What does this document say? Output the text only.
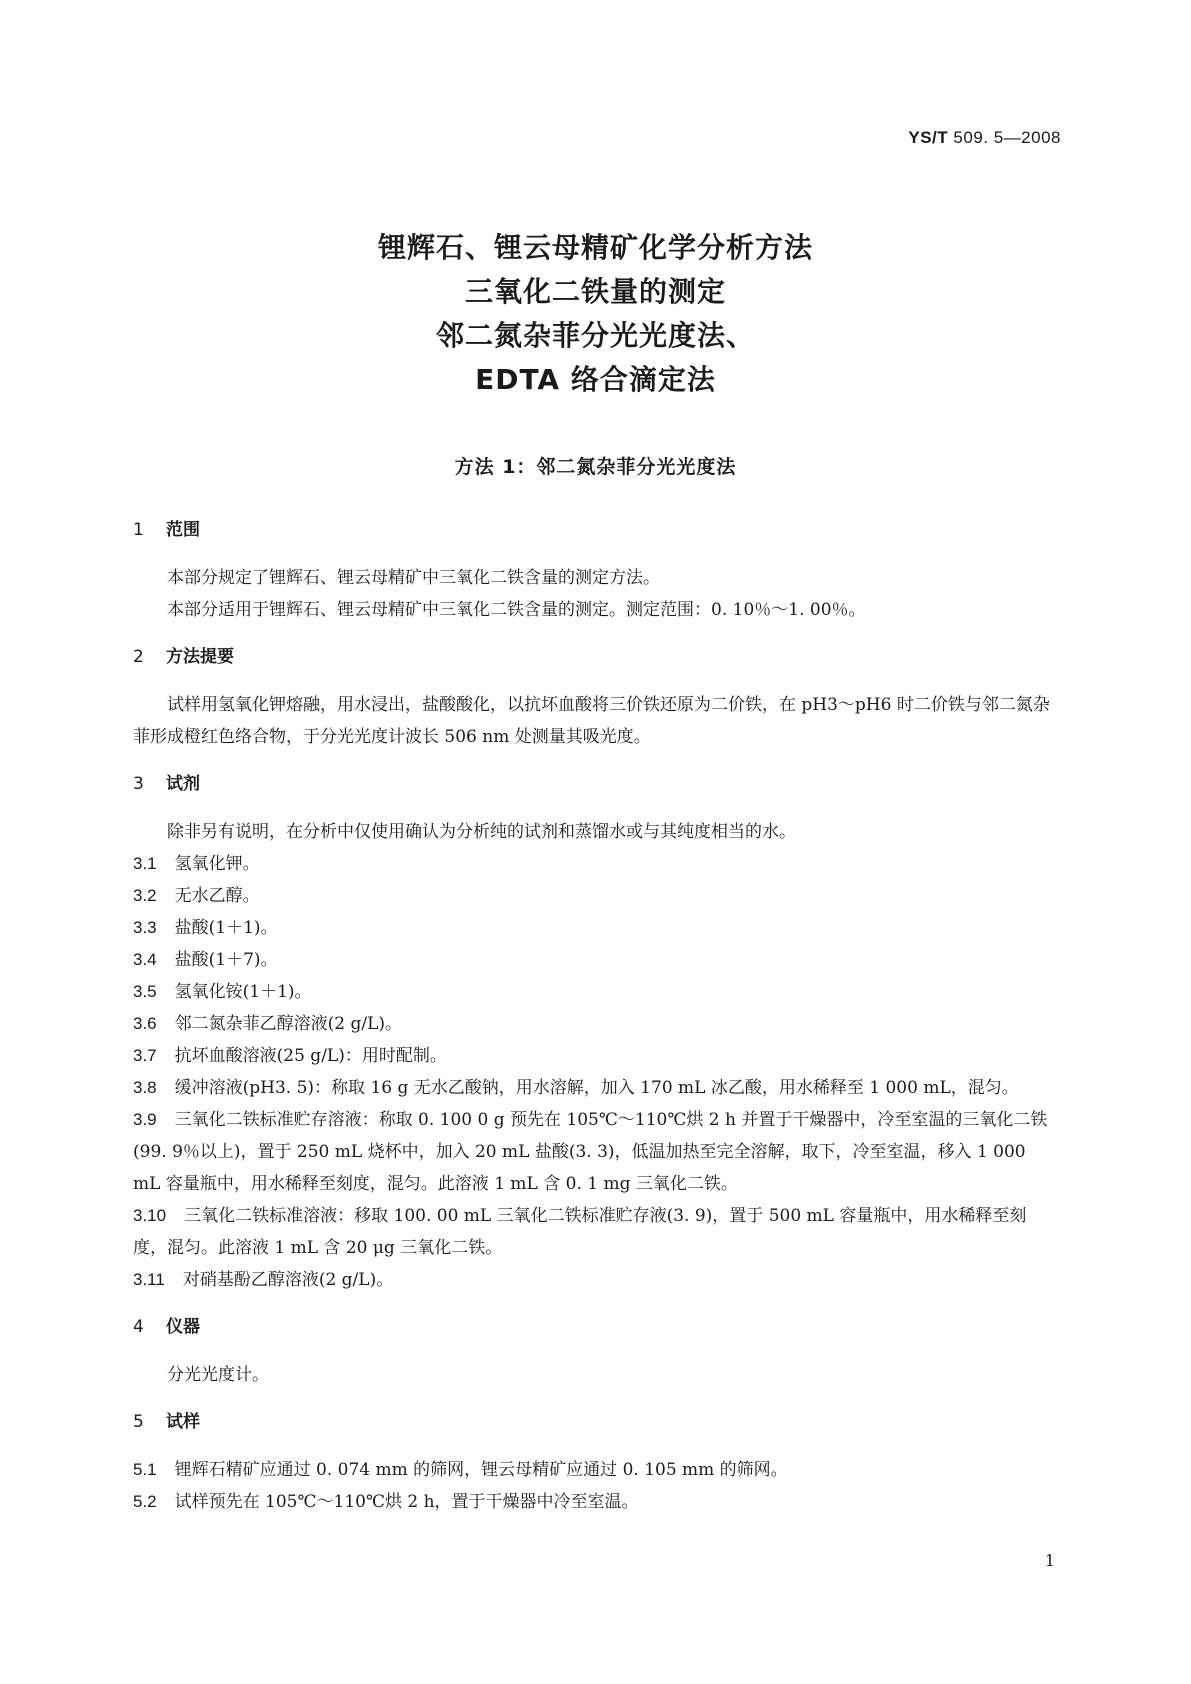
YS/T 509. 5—2008
锂辉石、锂云母精矿化学分析方法
三氧化二铁量的测定
邻二氮杂菲分光光度法、
EDTA 络合滴定法
方法 1：邻二氮杂菲分光光度法

1 范围

本部分规定了锂辉石、锂云母精矿中三氧化二铁含量的测定方法。

本部分适用于锂辉石、锂云母精矿中三氧化二铁含量的测定。测定范围：0. 10％～1. 00％。

2 方法提要

试样用氢氧化钾熔融，用水浸出，盐酸酸化，以抗坏血酸将三价铁还原为二价铁，在 pH3～pH6 时二价铁与邻二氮杂菲形成橙红色络合物，于分光光度计波长 506 nm 处测量其吸光度。

3 试剂

除非另有说明，在分析中仅使用确认为分析纯的试剂和蒸馏水或与其纯度相当的水。

3.1 氢氧化钾。

3.2 无水乙醇。

3.3 盐酸(1＋1)。

3.4 盐酸(1＋7)。

3.5 氢氧化铵(1＋1)。

3.6 邻二氮杂菲乙醇溶液(2 g/L)。

3.7 抗坏血酸溶液(25 g/L)：用时配制。

3.8 缓冲溶液(pH3. 5)：称取 16 g 无水乙酸钠，用水溶解，加入 170 mL 冰乙酸，用水稀释至 1 000 mL，混匀。

3.9 三氧化二铁标准贮存溶液：称取 0. 100 0 g 预先在 105℃～110℃烘 2 h 并置于干燥器中，冷至室温的三氧化二铁(99. 9％以上)，置于 250 mL 烧杯中，加入 20 mL 盐酸(3. 3)，低温加热至完全溶解，取下，冷至室温，移入 1 000 mL 容量瓶中，用水稀释至刻度，混匀。此溶液 1 mL 含 0. 1 mg 三氧化二铁。

3.10 三氧化二铁标准溶液：移取 100. 00 mL 三氧化二铁标准贮存液(3. 9)，置于 500 mL 容量瓶中，用水稀释至刻度，混匀。此溶液 1 mL 含 20 μg 三氧化二铁。

3.11 对硝基酚乙醇溶液(2 g/L)。

4 仪器

分光光度计。

5 试样

5.1 锂辉石精矿应通过 0. 074 mm 的筛网，锂云母精矿应通过 0. 105 mm 的筛网。

5.2 试样预先在 105℃～110℃烘 2 h，置于干燥器中冷至室温。

1
